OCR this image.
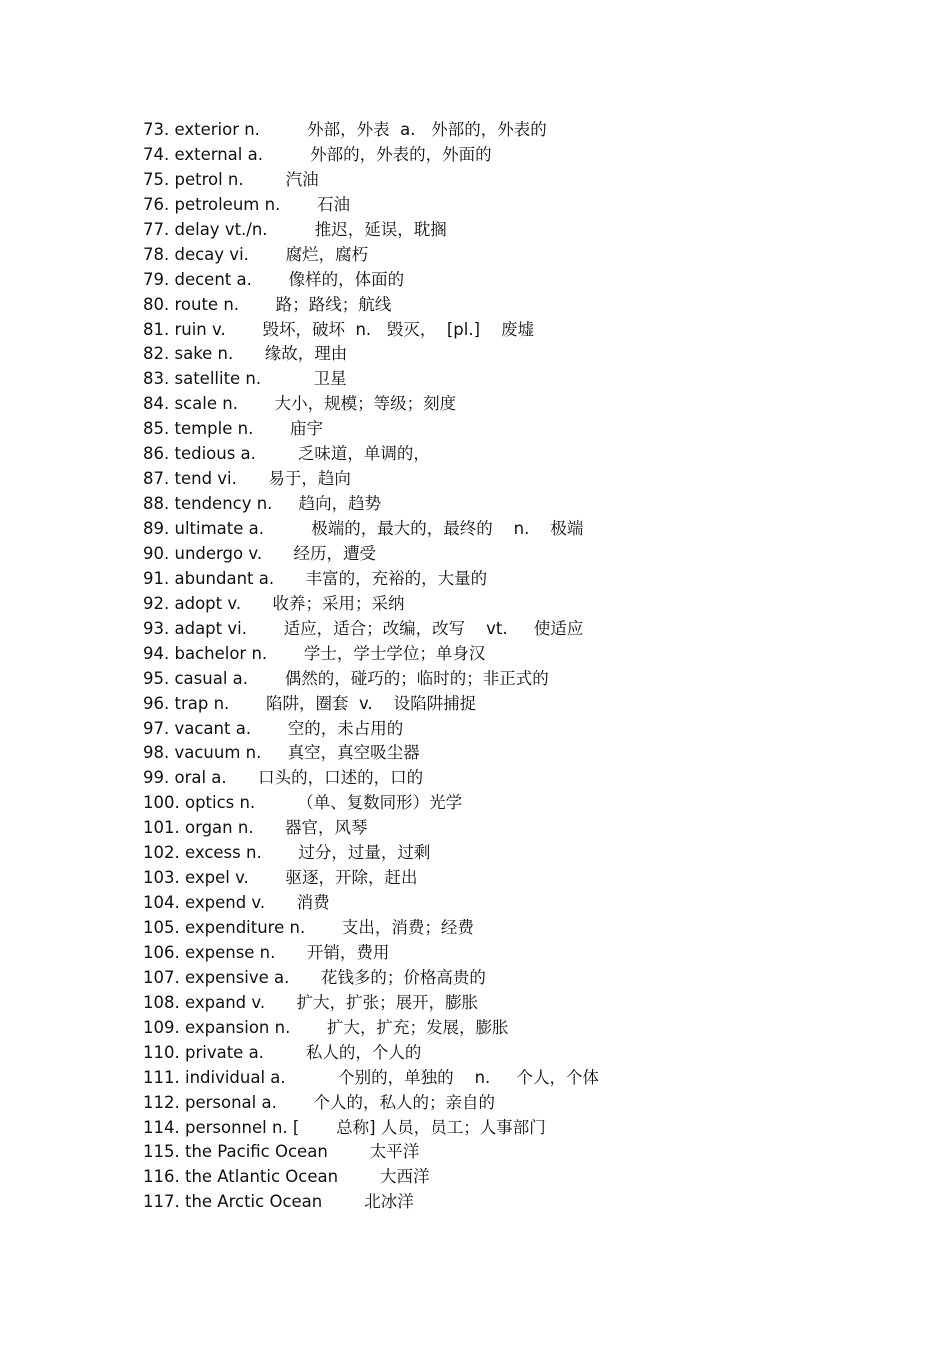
73. exterior n.         外部，外表  a.   外部的，外表的
74. external a.         外部的，外表的，外面的
75. petrol n.        汽油
76. petroleum n.       石油
77. delay vt./n.         推迟，延误，耽搁
78. decay vi.       腐烂，腐朽
79. decent a.       像样的，体面的
80. route n.       路；路线；航线
81. ruin v.       毁坏，破坏  n.   毁灭，  [pl.]    废墟
82. sake n.      缘故，理由
83. satellite n.          卫星
84. scale n.       大小，规模；等级；刻度
85. temple n.       庙宇
86. tedious a.        乏味道，单调的，
87. tend vi.      易于，趋向
88. tendency n.     趋向，趋势
89. ultimate a.         极端的，最大的，最终的    n.    极端
90. undergo v.      经历，遭受
91. abundant a.      丰富的，充裕的，大量的
92. adopt v.      收养；采用；采纳
93. adapt vi.       适应，适合；改编，改写    vt.     使适应
94. bachelor n.       学士，学士学位；单身汉
95. casual a.       偶然的，碰巧的；临时的；非正式的
96. trap n.       陷阱，圈套  v.    设陷阱捕捉
97. vacant a.       空的，未占用的
98. vacuum n.     真空，真空吸尘器
99. oral a.      口头的，口述的，口的
100. optics n.        （单、复数同形）光学
101. organ n.      器官，风琴
102. excess n.       过分，过量，过剩
103. expel v.       驱逐，开除，赶出
104. expend v.      消费
105. expenditure n.       支出，消费；经费
106. expense n.      开销，费用
107. expensive a.      花钱多的；价格高贵的
108. expand v.      扩大，扩张；展开，膨胀
109. expansion n.       扩大，扩充；发展，膨胀
110. private a.        私人的，个人的
111. individual a.          个别的，单独的    n.     个人，个体
112. personal a.       个人的，私人的；亲自的
114. personnel n. [       总称] 人员，员工；人事部门
115. the Pacific Ocean        太平洋
116. the Atlantic Ocean        大西洋
117. the Arctic Ocean        北冰洋
